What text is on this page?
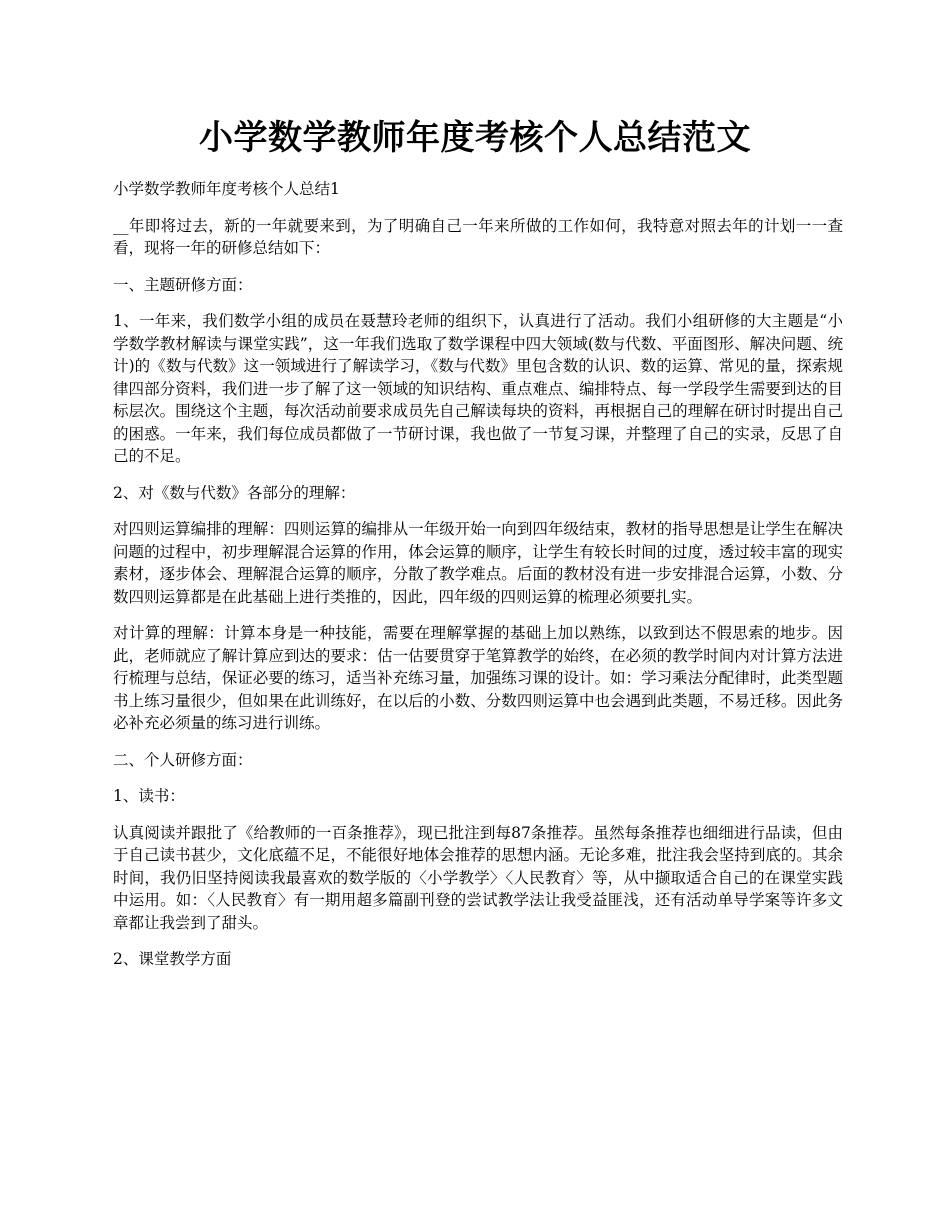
小学数学教师年度考核个人总结范文

小学数学教师年度考核个人总结1

__年即将过去，新的一年就要来到，为了明确自己一年来所做的工作如何，我特意对照去年的计划一一查看，现将一年的研修总结如下：

一、主题研修方面：

1、一年来，我们数学小组的成员在聂慧玲老师的组织下，认真进行了活动。我们小组研修的大主题是“小学数学教材解读与课堂实践”，这一年我们选取了数学课程中四大领域(数与代数、平面图形、解决问题、统计)的《数与代数》这一领域进行了解读学习，《数与代数》里包含数的认识、数的运算、常见的量，探索规律四部分资料，我们进一步了解了这一领域的知识结构、重点难点、编排特点、每一学段学生需要到达的目标层次。围绕这个主题，每次活动前要求成员先自己解读每块的资料，再根据自己的理解在研讨时提出自己的困惑。一年来，我们每位成员都做了一节研讨课，我也做了一节复习课，并整理了自己的实录，反思了自己的不足。

2、对《数与代数》各部分的理解：

对四则运算编排的理解：四则运算的编排从一年级开始一向到四年级结束，教材的指导思想是让学生在解决问题的过程中，初步理解混合运算的作用，体会运算的顺序，让学生有较长时间的过度，透过较丰富的现实素材，逐步体会、理解混合运算的顺序，分散了教学难点。后面的教材没有进一步安排混合运算，小数、分数四则运算都是在此基础上进行类推的，因此，四年级的四则运算的梳理必须要扎实。

对计算的理解：计算本身是一种技能，需要在理解掌握的基础上加以熟练，以致到达不假思索的地步。因此，老师就应了解计算应到达的要求：估一估要贯穿于笔算教学的始终，在必须的教学时间内对计算方法进行梳理与总结，保证必要的练习，适当补充练习量，加强练习课的设计。如：学习乘法分配律时，此类型题书上练习量很少，但如果在此训练好，在以后的小数、分数四则运算中也会遇到此类题，不易迁移。因此务必补充必须量的练习进行训练。

二、个人研修方面：

1、读书：

认真阅读并跟批了《给教师的一百条推荐》，现已批注到每87条推荐。虽然每条推荐也细细进行品读，但由于自己读书甚少，文化底蕴不足，不能很好地体会推荐的思想内涵。无论多难，批注我会坚持到底的。其余时间，我仍旧坚持阅读我最喜欢的数学版的〈小学教学〉〈人民教育〉等，从中撷取适合自己的在课堂实践中运用。如：〈人民教育〉有一期用超多篇副刊登的尝试教学法让我受益匪浅，还有活动单导学案等许多文章都让我尝到了甜头。

2、课堂教学方面
